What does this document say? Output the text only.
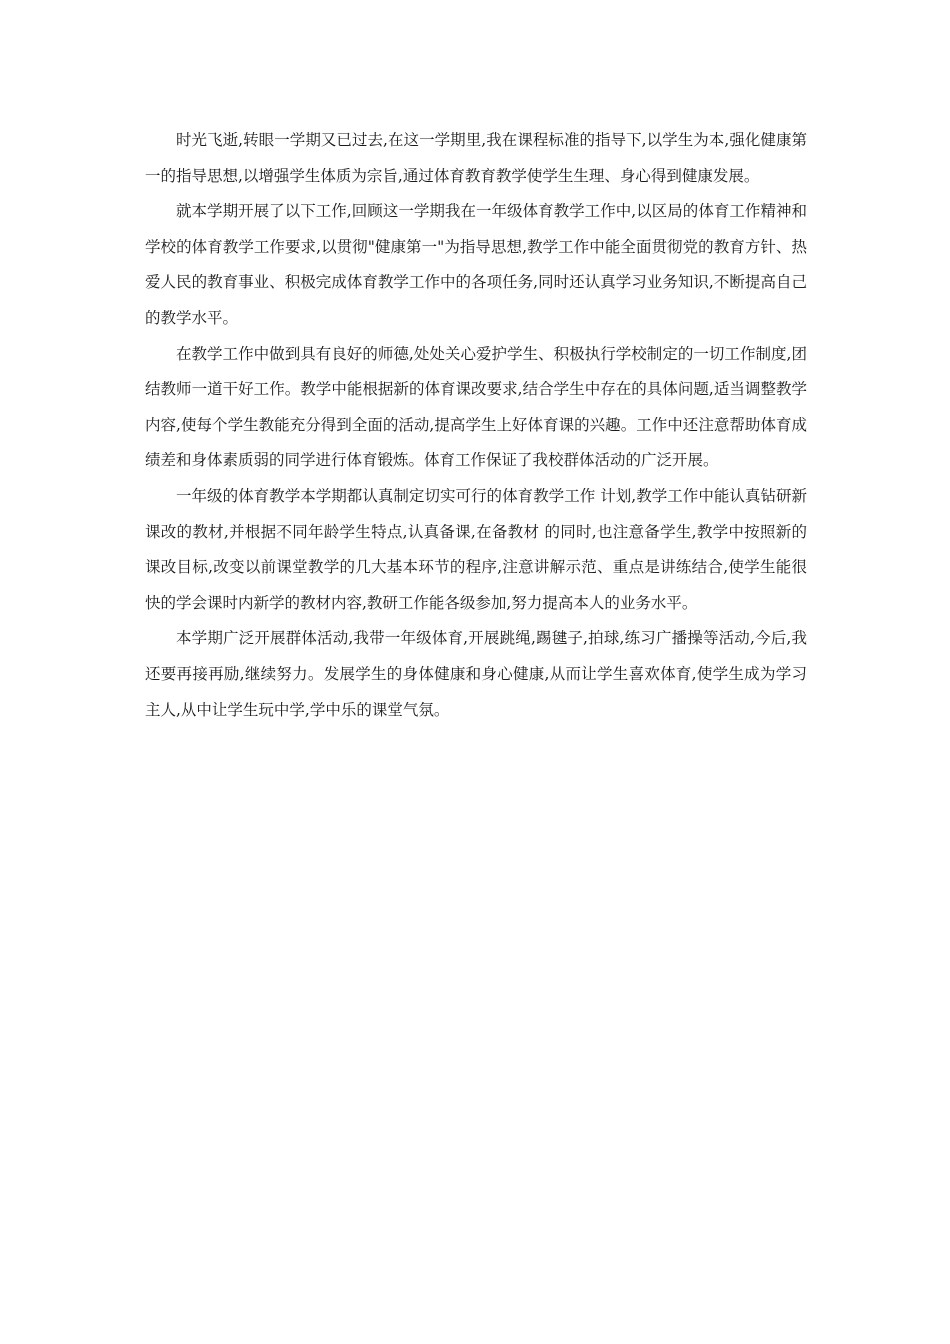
时光飞逝,转眼一学期又已过去,在这一学期里,我在课程标准的指导下,以学生为本,强化健康第一的指导思想,以增强学生体质为宗旨,通过体育教育教学使学生生理、身心得到健康发展。

就本学期开展了以下工作,回顾这一学期我在一年级体育教学工作中,以区局的体育工作精神和学校的体育教学工作要求,以贯彻"健康第一"为指导思想,教学工作中能全面贯彻党的教育方针、热爱人民的教育事业、积极完成体育教学工作中的各项任务,同时还认真学习业务知识,不断提高自己的教学水平。

在教学工作中做到具有良好的师德,处处关心爱护学生、积极执行学校制定的一切工作制度,团结教师一道干好工作。教学中能根据新的体育课改要求,结合学生中存在的具体问题,适当调整教学内容,使每个学生教能充分得到全面的活动,提高学生上好体育课的兴趣。工作中还注意帮助体育成绩差和身体素质弱的同学进行体育锻炼。体育工作保证了我校群体活动的广泛开展。

一年级的体育教学本学期都认真制定切实可行的体育教学工作 计划,教学工作中能认真钻研新课改的教材,并根据不同年龄学生特点,认真备课,在备教材 的同时,也注意备学生,教学中按照新的课改目标,改变以前课堂教学的几大基本环节的程序,注意讲解示范、重点是讲练结合,使学生能很快的学会课时内新学的教材内容,教研工作能各级参加,努力提高本人的业务水平。

本学期广泛开展群体活动,我带一年级体育,开展跳绳,踢毽子,拍球,练习广播操等活动,今后,我还要再接再励,继续努力。发展学生的身体健康和身心健康,从而让学生喜欢体育,使学生成为学习主人,从中让学生玩中学,学中乐的课堂气氛。
